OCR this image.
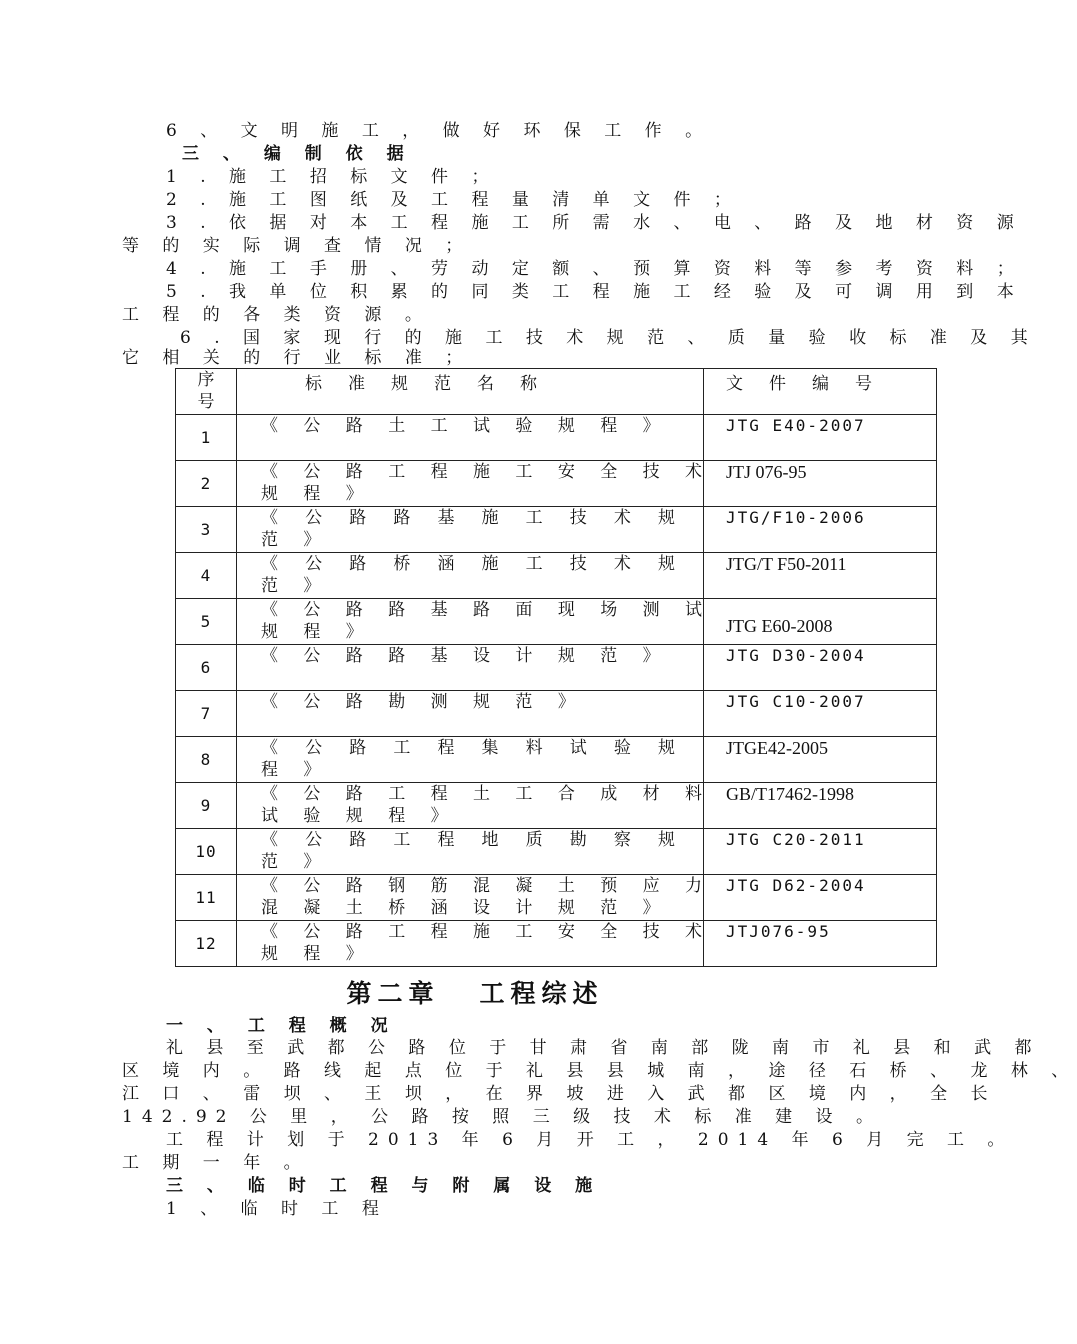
6 、 文 明 施 工 ， 做 好 环 保 工 作 。
三 、 编 制 依 据
1 . 施 工 招 标 文 件 ；
2 . 施 工 图 纸 及 工 程 量 清 单 文 件 ；
3 . 依 据 对 本 工 程 施 工 所 需 水 、 电 、 路 及 地 材 资 源
等 的 实 际 调 查 情 况 ；
4 . 施 工 手 册 、 劳 动 定 额 、 预 算 资 料 等 参 考 资 料 ；
5 . 我 单 位 积 累 的 同 类 工 程 施 工 经 验 及 可 调 用 到 本
工 程 的 各 类 资 源 。
6 . 国 家 现 行 的 施 工 技 术 规 范 、 质 量 验 收 标 准 及 其
它 相 关 的 行 业 标 准 ；
序
号	标准规范名称	文件编号
1	《 公 路 土 工 试 验 规 程 》	JTG E40-2007
2	《 公 路 工 程 施 工 安 全 技 术
规 程 》	JTJ 076-95
3	《 公 路 路 基 施 工 技 术 规
范 》	JTG/F10-2006
4	《 公 路 桥 涵 施 工 技 术 规
范 》	JTG/T F50-2011
5	《 公 路 路 基 路 面 现 场 测 试
规 程 》	JTG E60-2008
6	《 公 路 路 基 设 计 规 范 》	JTG D30-2004
7	《 公 路 勘 测 规 范 》	JTG C10-2007
8	《 公 路 工 程 集 料 试 验 规
程 》	JTGE42-2005
9	《 公 路 工 程 土 工 合 成 材 料
试 验 规 程 》	GB/T17462-1998
10	《 公 路 工 程 地 质 勘 察 规
范 》	JTG C20-2011
11	《 公 路 钢 筋 混 凝 土 预 应 力
混 凝 土 桥 涵 设 计 规 范 》	JTG D62-2004
12	《 公 路 工 程 施 工 安 全 技 术
规 程 》	JTJ076-95
第二章 工程综述
一 、 工 程 概 况
礼 县 至 武 都 公 路 位 于 甘 肃 省 南 部 陇 南 市 礼 县 和 武 都
区 境 内 。 路 线 起 点 位 于 礼 县 县 城 南 ， 途 径 石 桥 、 龙 林 、
江 口 、 雷 坝 、 王 坝 ， 在 界 坡 进 入 武 都 区 境 内 ， 全 长
142.92 公 里 ， 公 路 按 照 三 级 技 术 标 准 建 设 。
工 程 计 划 于 2013 年 6 月 开 工 ， 2014 年 6 月 完 工 。
工 期 一 年 。
三 、 临 时 工 程 与 附 属 设 施
1 、 临 时 工 程
